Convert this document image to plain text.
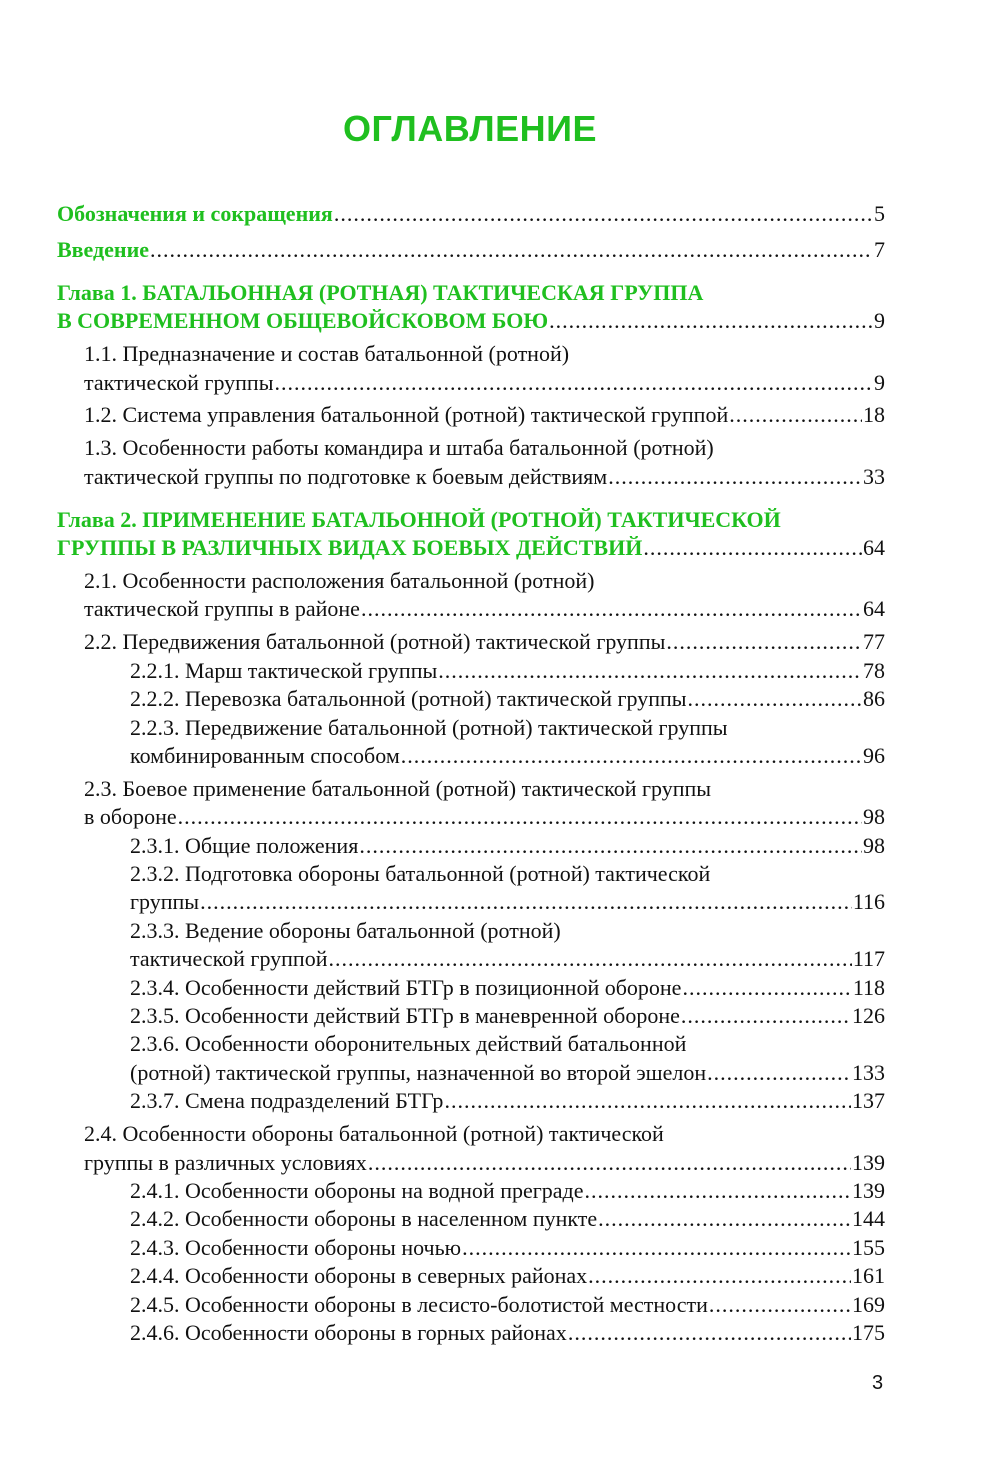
ОГЛАВЛЕНИЕ
Обозначения и сокращения .....	5
Введение .....	7
Глава 1. БАТАЛЬОННАЯ (РОТНАЯ) ТАКТИЧЕСКАЯ ГРУППА
В СОВРЕМЕННОМ ОБЩЕВОЙСКОВОМ БОЮ .....	9
1.1. Предназначение и состав батальонной (ротной)
тактической группы .....	9
1.2. Система управления батальонной (ротной) тактической группой .....	18
1.3. Особенности работы командира и штаба батальонной (ротной)
тактической группы по подготовке к боевым действиям .....	33
Глава 2. ПРИМЕНЕНИЕ БАТАЛЬОННОЙ (РОТНОЙ) ТАКТИЧЕСКОЙ
ГРУППЫ В РАЗЛИЧНЫХ ВИДАХ БОЕВЫХ ДЕЙСТВИЙ .....	64
2.1. Особенности расположения батальонной (ротной)
тактической группы в районе .....	64
2.2. Передвижения батальонной (ротной) тактической группы .....	77
2.2.1. Марш тактической группы .....	78
2.2.2. Перевозка батальонной (ротной) тактической группы .....	86
2.2.3. Передвижение батальонной (ротной) тактической группы
комбинированным способом .....	96
2.3. Боевое применение батальонной (ротной) тактической группы
в обороне .....	98
2.3.1. Общие положения .....	98
2.3.2. Подготовка обороны батальонной (ротной) тактической
группы .....	116
2.3.3. Ведение обороны батальонной (ротной)
тактической группой .....	117
2.3.4. Особенности действий БТГр в позиционной обороне .....	118
2.3.5. Особенности действий БТГр в маневренной обороне .....	126
2.3.6. Особенности оборонительных действий батальонной
(ротной) тактической группы, назначенной во второй эшелон .....	133
2.3.7. Смена подразделений БТГр .....	137
2.4. Особенности обороны батальонной (ротной) тактической
группы в различных условиях .....	139
2.4.1. Особенности обороны на водной преграде .....	139
2.4.2. Особенности обороны в населенном пункте .....	144
2.4.3. Особенности обороны ночью .....	155
2.4.4. Особенности обороны в северных районах .....	161
2.4.5. Особенности обороны в лесисто-болотистой местности .....	169
2.4.6. Особенности обороны в горных районах .....	175
3
